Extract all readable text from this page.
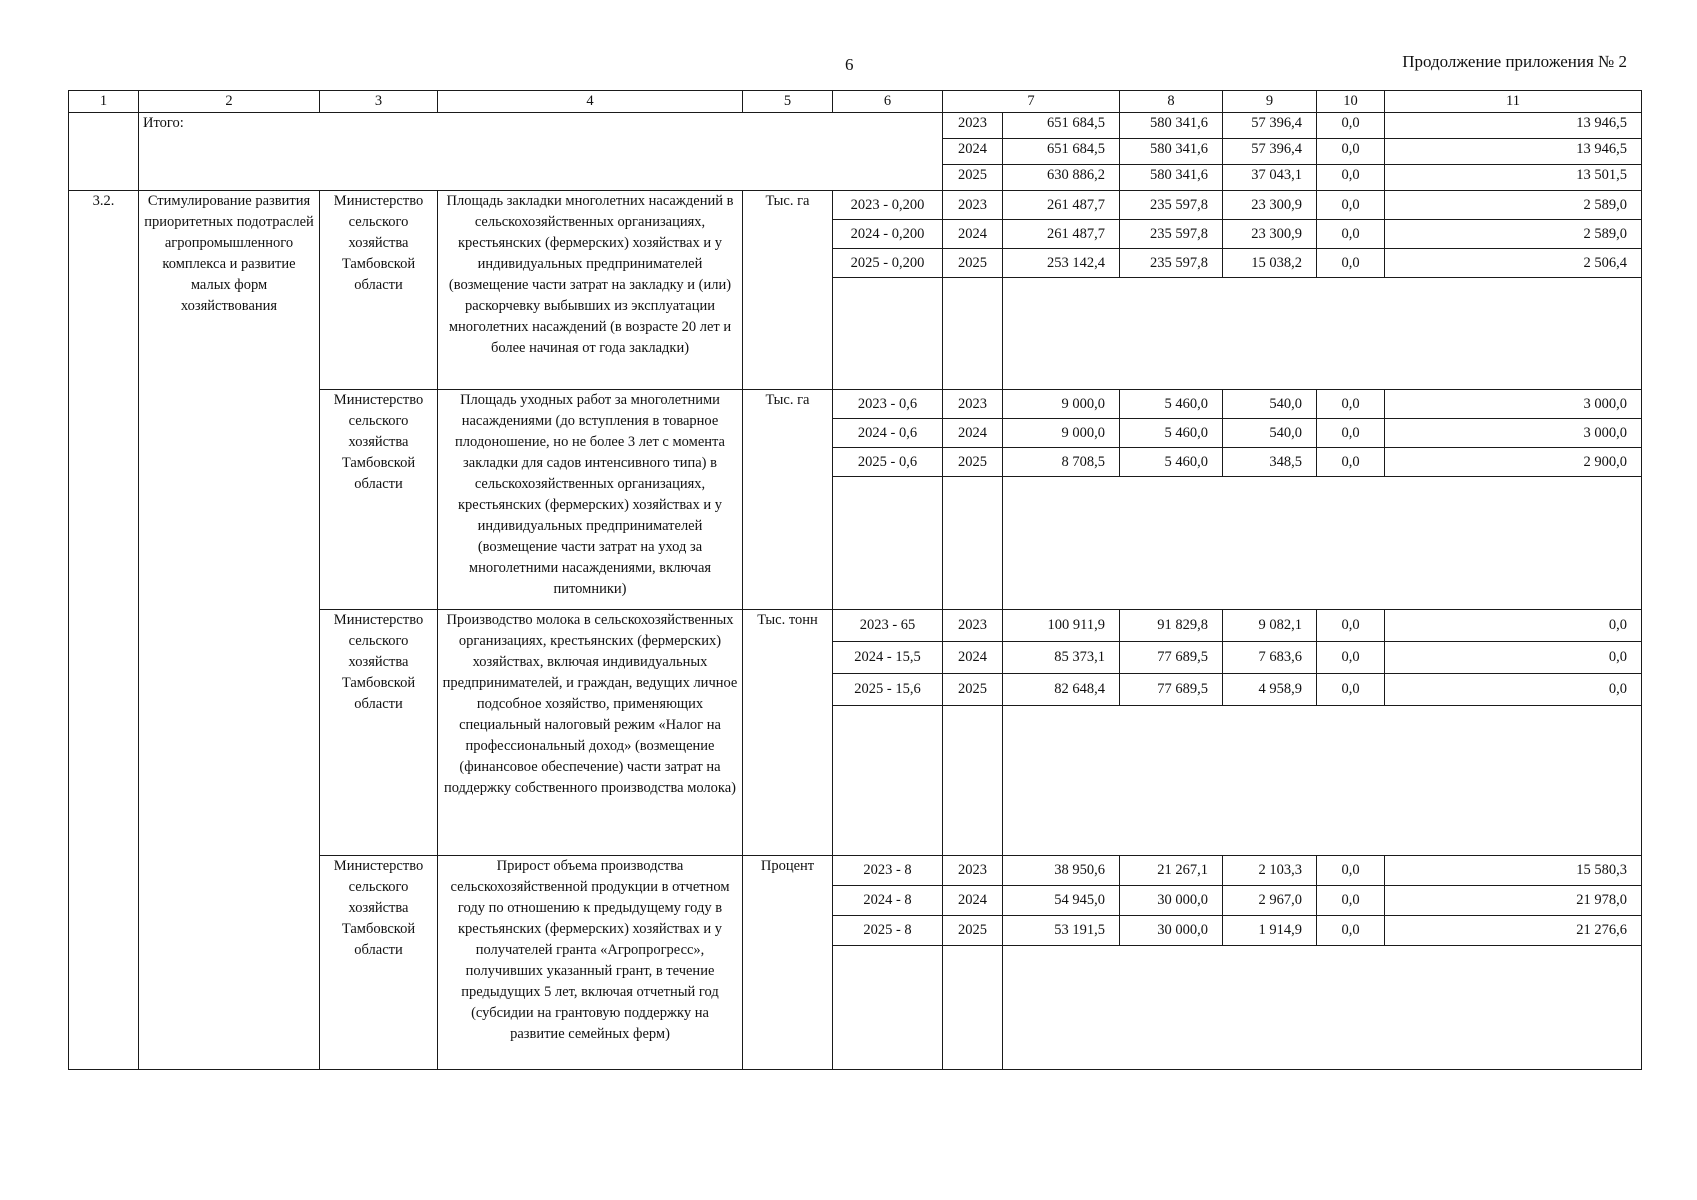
6	Продолжение приложения № 2
1	2	3	4	5	6	7		8	9	10	11
	Итого:					2023	651 684,5	580 341,6	57 396,4	0,0	13 946,5
						2024	651 684,5	580 341,6	57 396,4	0,0	13 946,5
						2025	630 886,2	580 341,6	37 043,1	0,0	13 501,5
3.2.	Стимулирование развития приоритетных подотраслей агропромышленного комплекса и развитие малых форм хозяйствования	Министерство сельского хозяйства Тамбовской области	Площадь закладки многолетних насаждений в сельскохозяйственных организациях, крестьянских (фермерских) хозяйствах и у индивидуальных предпринимателей (возмещение части затрат на закладку и (или) раскорчевку выбывших из эксплуатации многолетних насаждений (в возрасте 20 лет и более начиная от года закладки)	Тыс. га	2023 - 0,200	2023	261 487,7	235 597,8	23 300,9	0,0	2 589,0
					2024 - 0,200	2024	261 487,7	235 597,8	23 300,9	0,0	2 589,0
					2025 - 0,200	2025	253 142,4	235 597,8	15 038,2	0,0	2 506,4

		Министерство сельского хозяйства Тамбовской области	Площадь уходных работ за многолетними насаждениями (до вступления в товарное плодоношение, но не более 3 лет с момента закладки для садов интенсивного типа) в сельскохозяйственных организациях, крестьянских (фермерских) хозяйствах и у индивидуальных предпринимателей (возмещение части затрат на уход за многолетними насаждениями, включая питомники)	Тыс. га	2023 - 0,6	2023	9 000,0	5 460,0	540,0	0,0	3 000,0
					2024 - 0,6	2024	9 000,0	5 460,0	540,0	0,0	3 000,0
					2025 - 0,6	2025	8 708,5	5 460,0	348,5	0,0	2 900,0

		Министерство сельского хозяйства Тамбовской области	Производство молока в сельскохозяйственных организациях, крестьянских (фермерских) хозяйствах, включая индивидуальных предпринимателей, и граждан, ведущих личное подсобное хозяйство, применяющих специальный налоговый режим «Налог на профессиональный доход» (возмещение (финансовое обеспечение) части затрат на поддержку собственного производства молока)	Тыс. тонн	2023 - 65	2023	100 911,9	91 829,8	9 082,1	0,0	0,0
					2024 - 15,5	2024	85 373,1	77 689,5	7 683,6	0,0	0,0
					2025 - 15,6	2025	82 648,4	77 689,5	4 958,9	0,0	0,0

		Министерство сельского хозяйства Тамбовской области	Прирост объема производства сельскохозяйственной продукции в отчетном году по отношению к предыдущему году в крестьянских (фермерских) хозяйствах и у получателей гранта «Агропрогресс», получивших указанный грант, в течение предыдущих 5 лет, включая отчетный год (субсидии на грантовую поддержку на развитие семейных ферм)	Процент	2023 - 8	2023	38 950,6	21 267,1	2 103,3	0,0	15 580,3
					2024 - 8	2024	54 945,0	30 000,0	2 967,0	0,0	21 978,0
					2025 - 8	2025	53 191,5	30 000,0	1 914,9	0,0	21 276,6
